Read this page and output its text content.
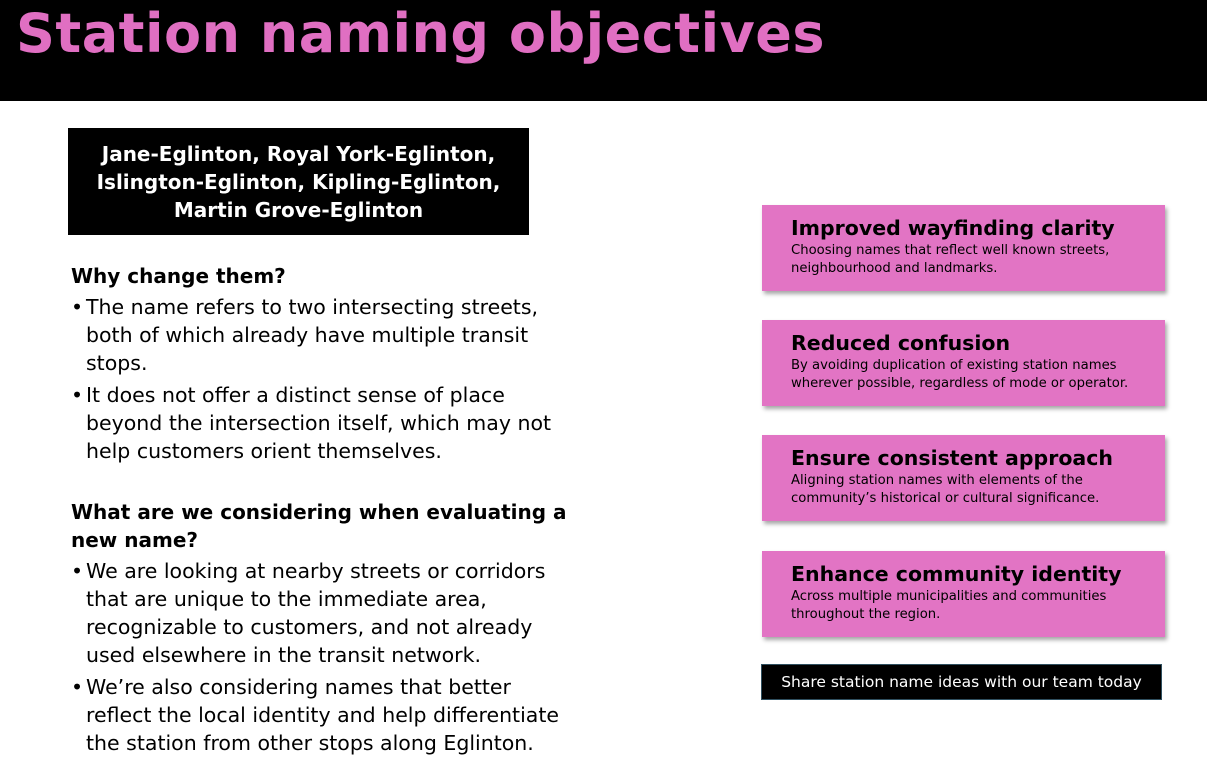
Station naming objectives
Jane-Eglinton, Royal York-Eglinton,
Islington-Eglinton, Kipling-Eglinton,
Martin Grove-Eglinton
Why change them?
• The name refers to two intersecting streets, both of which already have multiple transit stops.
• It does not offer a distinct sense of place beyond the intersection itself, which may not help customers orient themselves.
What are we considering when evaluating a new name?
• We are looking at nearby streets or corridors that are unique to the immediate area, recognizable to customers, and not already used elsewhere in the transit network.
• We’re also considering names that better reflect the local identity and help differentiate the station from other stops along Eglinton.
Improved wayfinding clarity
Choosing names that reflect well known streets, neighbourhood and landmarks.
Reduced confusion
By avoiding duplication of existing station names wherever possible, regardless of mode or operator.
Ensure consistent approach
Aligning station names with elements of the community’s historical or cultural significance.
Enhance community identity
Across multiple municipalities and communities throughout the region.
Share station name ideas with our team today
